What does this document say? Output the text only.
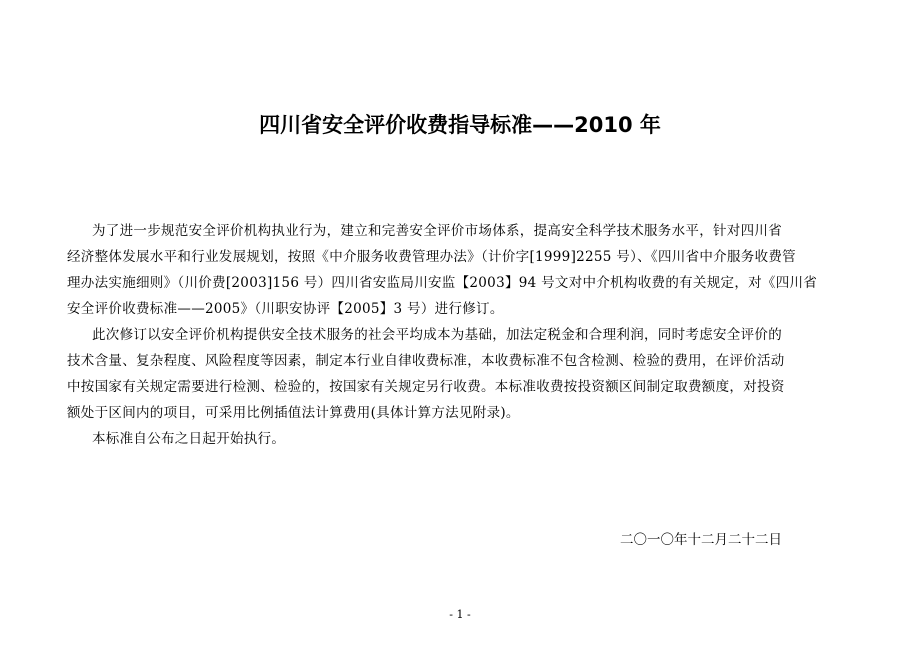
四川省安全评价收费指导标准——2010 年

为了进一步规范安全评价机构执业行为，建立和完善安全评价市场体系，提高安全科学技术服务水平，针对四川省
经济整体发展水平和行业发展规划，按照《中介服务收费管理办法》（计价字[1999]2255 号）、《四川省中介服务收费管
理办法实施细则》（川价费[2003]156 号）四川省安监局川安监【2003】94 号文对中介机构收费的有关规定，对《四川省
安全评价收费标准——2005》（川职安协评【2005】3 号）进行修订。

此次修订以安全评价机构提供安全技术服务的社会平均成本为基础，加法定税金和合理利润，同时考虑安全评价的
技术含量、复杂程度、风险程度等因素，制定本行业自律收费标准，本收费标准不包含检测、检验的费用，在评价活动
中按国家有关规定需要进行检测、检验的，按国家有关规定另行收费。本标准收费按投资额区间制定取费额度，对投资
额处于区间内的项目，可采用比例插值法计算费用(具体计算方法见附录)。

本标准自公布之日起开始执行。

二〇一〇年十二月二十二日

- 1 -
